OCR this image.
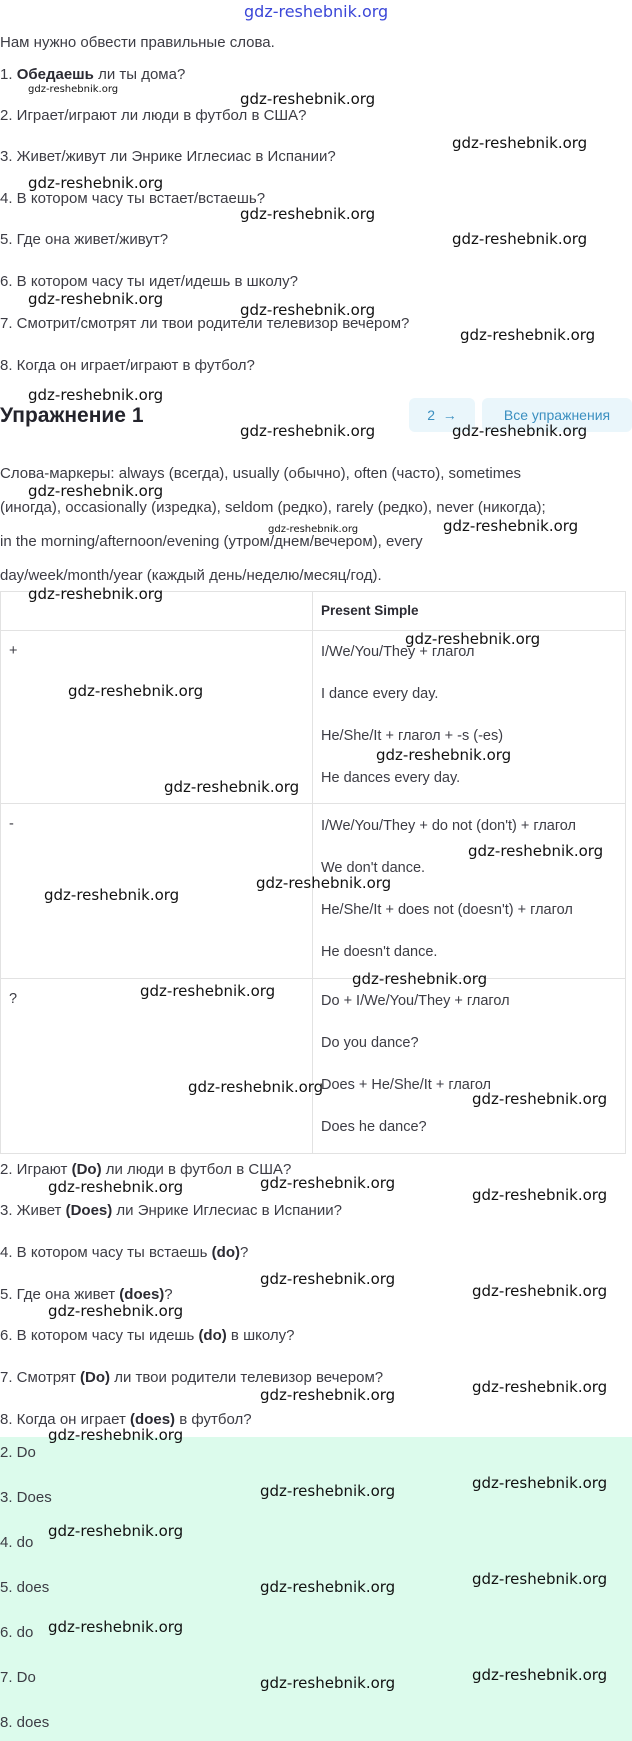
gdz-reshebnik.org
Нам нужно обвести правильные слова.
1. Обедаешь ли ты дома?
2. Играет/играют ли люди в футбол в США?
3. Живет/живут ли Энрике Иглесиас в Испании?
4. В котором часу ты встает/встаешь?
5. Где она живет/живут?
6. В котором часу ты идет/идешь в школу?
7. Смотрит/смотрят ли твои родители телевизор вечером?
8. Когда он играет/играют в футбол?
Упражнение 1	2
→	Все упражнения
Слова-маркеры: always (всегда), usually (обычно), often (часто), sometimes
(иногда), occasionally (изредка), seldom (редко), rarely (редко), never (никогда);
in the morning/afternoon/evening (утром/днем/вечером), every
day/week/month/year (каждый день/неделю/месяц/год).

	Present Simple

+	I/We/You/They + глагол
I dance every day.
He/She/It + глагол + -s (-es)
He dances every day.

-	I/We/You/They + do not (don't) + глагол
We don't dance.
He/She/It + does not (doesn't) + глагол
He doesn't dance.

?	Do + I/We/You/They + глагол
Do you dance?
Does + He/She/It + глагол
Does he dance?
2. Играют (Do) ли люди в футбол в США?
3. Живет (Does) ли Энрике Иглесиас в Испании?
4. В котором часу ты встаешь (do)?
5. Где она живет (does)?
6. В котором часу ты идешь (do) в школу?
7. Смотрят (Do) ли твои родители телевизор вечером?
8. Когда он играет (does) в футбол?
2. Do
3. Does
4. do
5. does
6. do
7. Do
8. does
gdz-reshebnik.org
gdz-reshebnik.org
gdz-reshebnik.org
gdz-reshebnik.org
gdz-reshebnik.org
gdz-reshebnik.org
gdz-reshebnik.org
gdz-reshebnik.org
gdz-reshebnik.org
gdz-reshebnik.org
gdz-reshebnik.org	gdz-reshebnik.org
gdz-reshebnik.org
gdz-reshebnik.org	gdz-reshebnik.org
gdz-reshebnik.org
gdz-reshebnik.org
gdz-reshebnik.org
gdz-reshebnik.org
gdz-reshebnik.org
gdz-reshebnik.org
gdz-reshebnik.org
gdz-reshebnik.org
gdz-reshebnik.org
gdz-reshebnik.org
gdz-reshebnik.org
gdz-reshebnik.org
gdz-reshebnik.org	gdz-reshebnik.org
gdz-reshebnik.org
gdz-reshebnik.org
gdz-reshebnik.org
gdz-reshebnik.org
gdz-reshebnik.org
gdz-reshebnik.org
gdz-reshebnik.org
gdz-reshebnik.org
gdz-reshebnik.org
gdz-reshebnik.org
gdz-reshebnik.org
gdz-reshebnik.org
gdz-reshebnik.org
gdz-reshebnik.org
gdz-reshebnik.org
